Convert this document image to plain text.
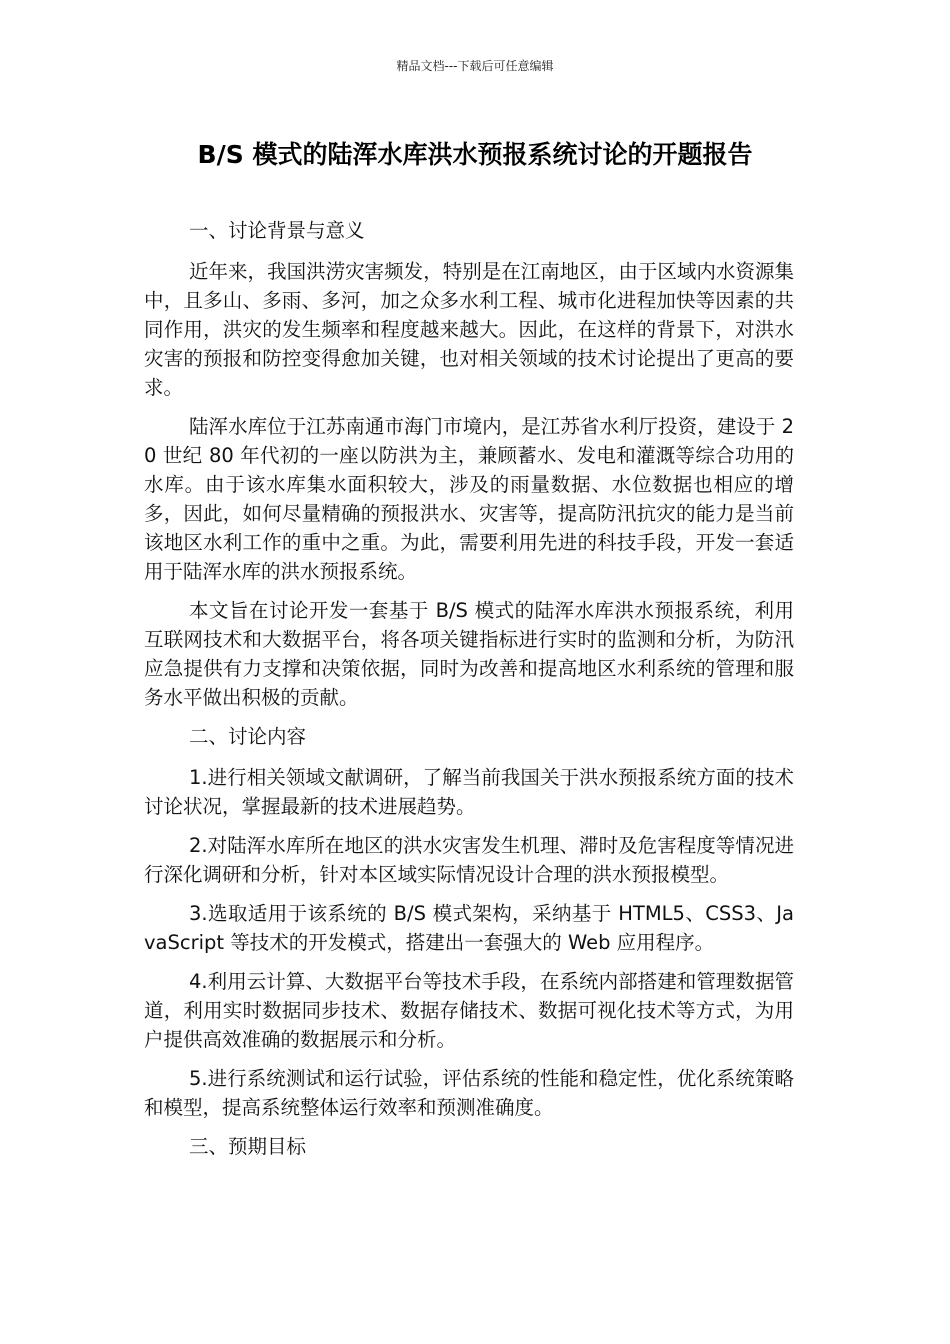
精品文档---下载后可任意编辑
B/S 模式的陆浑水库洪水预报系统讨论的开题报告

一、讨论背景与意义

近年来，我国洪涝灾害频发，特别是在江南地区，由于区域内水资源集中，且多山、多雨、多河，加之众多水利工程、城市化进程加快等因素的共同作用，洪灾的发生频率和程度越来越大。因此，在这样的背景下，对洪水灾害的预报和防控变得愈加关键，也对相关领域的技术讨论提出了更高的要求。

陆浑水库位于江苏南通市海门市境内，是江苏省水利厅投资，建设于 20 世纪 80 年代初的一座以防洪为主，兼顾蓄水、发电和灌溉等综合功用的水库。由于该水库集水面积较大，涉及的雨量数据、水位数据也相应的增多，因此，如何尽量精确的预报洪水、灾害等，提高防汛抗灾的能力是当前该地区水利工作的重中之重。为此，需要利用先进的科技手段，开发一套适用于陆浑水库的洪水预报系统。

本文旨在讨论开发一套基于 B/S 模式的陆浑水库洪水预报系统，利用互联网技术和大数据平台，将各项关键指标进行实时的监测和分析，为防汛应急提供有力支撑和决策依据，同时为改善和提高地区水利系统的管理和服务水平做出积极的贡献。

二、讨论内容

1.进行相关领域文献调研，了解当前我国关于洪水预报系统方面的技术讨论状况，掌握最新的技术进展趋势。

2.对陆浑水库所在地区的洪水灾害发生机理、滞时及危害程度等情况进行深化调研和分析，针对本区域实际情况设计合理的洪水预报模型。

3.选取适用于该系统的 B/S 模式架构，采纳基于 HTML5、CSS3、JavaScript 等技术的开发模式，搭建出一套强大的 Web 应用程序。

4.利用云计算、大数据平台等技术手段，在系统内部搭建和管理数据管道，利用实时数据同步技术、数据存储技术、数据可视化技术等方式，为用户提供高效准确的数据展示和分析。

5.进行系统测试和运行试验，评估系统的性能和稳定性，优化系统策略和模型，提高系统整体运行效率和预测准确度。

三、预期目标
